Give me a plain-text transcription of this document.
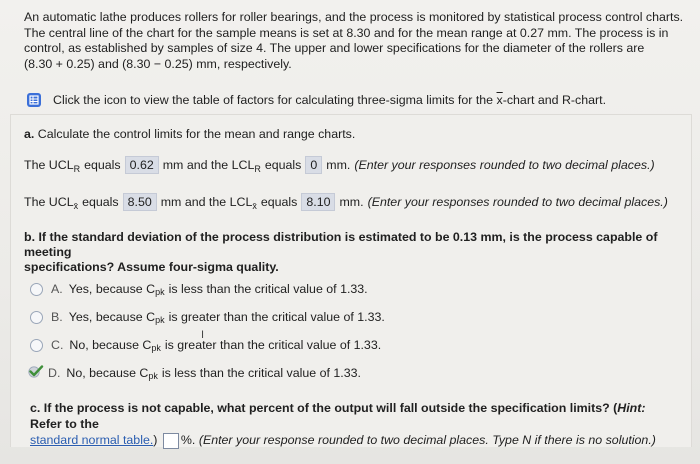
An automatic lathe produces rollers for roller bearings, and the process is monitored by statistical process control charts.
The central line of the chart for the sample means is set at 8.30 and for the mean range at 0.27 mm. The process is in
control, as established by samples of size 4. The upper and lower specifications for the diameter of the rollers are
(8.30 + 0.25) and (8.30 − 0.25) mm, respectively.
Click the icon to view the table of factors for calculating three-sigma limits for the $\overline{x}$-chart and R-chart.
a. Calculate the control limits for the mean and range charts.
The $UCL_R$ equals 0.62 mm and the $LCL_R$ equals 0 mm. (Enter your responses rounded to two decimal places.)
The $UCL_{x̄}$ equals 8.50 mm and the $LCL_{x̄}$ equals 8.10 mm. (Enter your responses rounded to two decimal places.)
b. If the standard deviation of the process distribution is estimated to be 0.13 mm, is the process capable of meeting
specifications? Assume four-sigma quality.
A. Yes, because $C_{pk}$ is less than the critical value of 1.33.
B. Yes, because $C_{pk}$ is greater than the critical value of 1.33.
C. No, because $C_{pk}$ is greater than the critical value of 1.33.
D. No, because $C_{pk}$ is less than the critical value of 1.33.
I
c. If the process is not capable, what percent of the output will fall outside the specification limits? (Hint: Refer to the
standard normal table.) %. (Enter your response rounded to two decimal places. Type N if there is no solution.)
